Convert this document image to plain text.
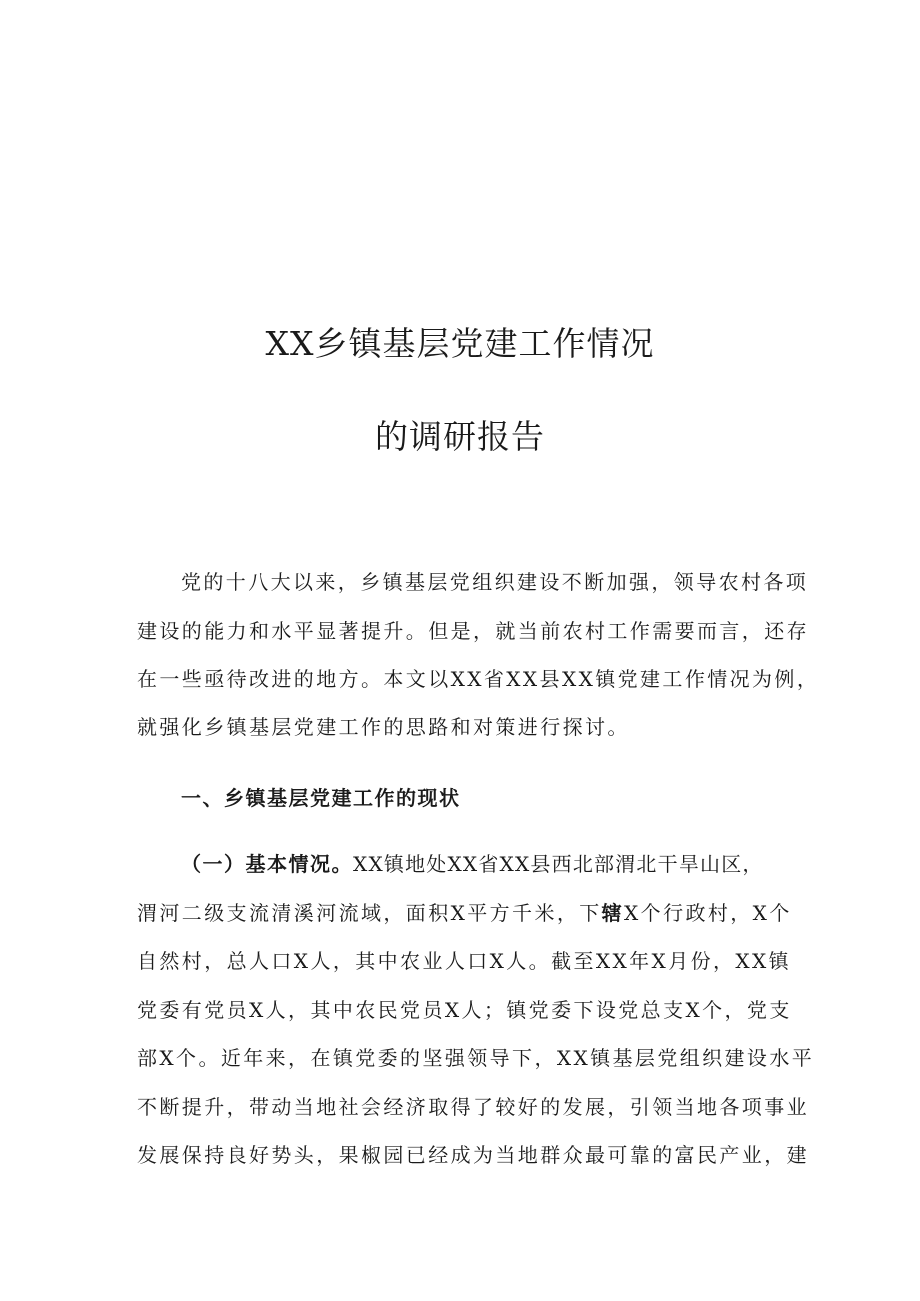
XX乡镇基层党建工作情况
的调研报告

党的十八大以来，乡镇基层党组织建设不断加强，领导农村各项

建设的能力和水平显著提升。但是，就当前农村工作需要而言，还存

在一些亟待改进的地方。本文以XX省XX县XX镇党建工作情况为例，

就强化乡镇基层党建工作的思路和对策进行探讨。

一、乡镇基层党建工作的现状

（一）基本情况。XX镇地处XX省XX县西北部渭北干旱山区，

渭河二级支流清溪河流域，面积X平方千米，下辖X个行政村，X个

自然村，总人口X人，其中农业人口X人。截至XX年X月份，XX镇

党委有党员X人，其中农民党员X人；镇党委下设党总支X个，党支

部X个。近年来，在镇党委的坚强领导下，XX镇基层党组织建设水平

不断提升，带动当地社会经济取得了较好的发展，引领当地各项事业

发展保持良好势头，果椒园已经成为当地群众最可靠的富民产业，建
